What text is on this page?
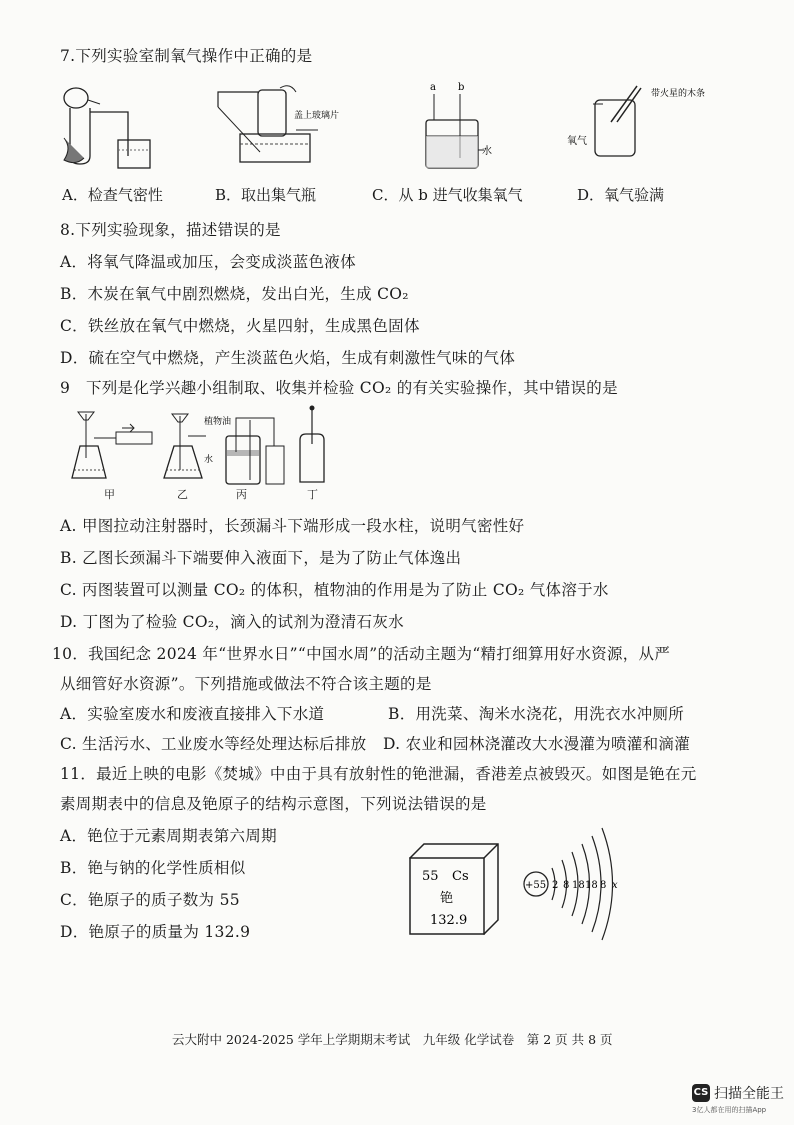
7.下列实验室制氧气操作中正确的是
盖上玻璃片
a b
水
带火星的木条
氧气
A．检查气密性	B．取出集气瓶	C．从 b 进气收集氧气	D．氧气验满
8.下列实验现象，描述错误的是
A．将氧气降温或加压，会变成淡蓝色液体
B．木炭在氧气中剧烈燃烧，发出白光，生成 CO₂
C．铁丝放在氧气中燃烧，火星四射，生成黑色固体
D．硫在空气中燃烧，产生淡蓝色火焰，生成有刺激性气味的气体
9　下列是化学兴趣小组制取、收集并检验 CO₂ 的有关实验操作，其中错误的是
甲	乙
植物油
水
丙	丁
A. 甲图拉动注射器时，长颈漏斗下端形成一段水柱，说明气密性好
B. 乙图长颈漏斗下端要伸入液面下，是为了防止气体逸出
C. 丙图装置可以测量 CO₂ 的体积，植物油的作用是为了防止 CO₂ 气体溶于水
D. 丁图为了检验 CO₂，滴入的试剂为澄清石灰水
10．我国纪念 2024 年“世界水日”“中国水周”的活动主题为“精打细算用好水资源，从严
从细管好水资源”。下列措施或做法不符合该主题的是
A．实验室废水和废液直接排入下水道	B．用洗菜、淘米水浇花，用洗衣水冲厕所
C. 生活污水、工业废水等经处理达标后排放 D. 农业和园林浇灌改大水漫灌为喷灌和滴灌
11．最近上映的电影《焚城》中由于具有放射性的铯泄漏，香港差点被毁灭。如图是铯在元
素周期表中的信息及铯原子的结构示意图，下列说法错误的是
A．铯位于元素周期表第六周期
B．铯与钠的化学性质相似
C．铯原子的质子数为 55
D．铯原子的质量为 132.9
55 Cs
铯
132.9
+55 2 8 18 18 8 x
云大附中 2024-2025 学年上学期期末考试　九年级 化学试卷　第 2 页 共 8 页
CS 扫描全能王
3亿人都在用的扫描App
